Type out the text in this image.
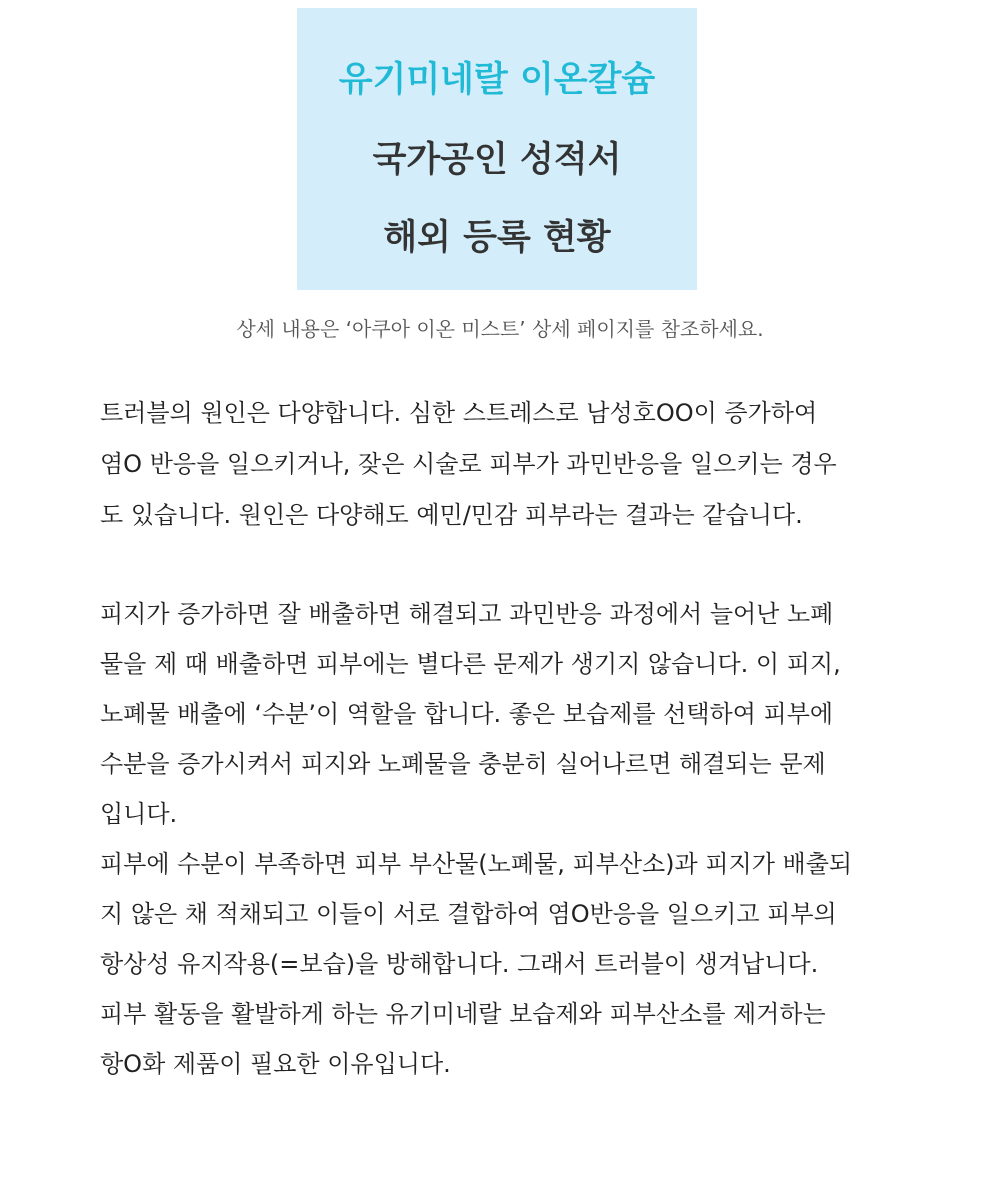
유기미네랄 이온칼슘
국가공인 성적서
해외 등록 현황
상세 내용은 ‘아쿠아 이온 미스트’ 상세 페이지를 참조하세요.
트러블의 원인은 다양합니다. 심한 스트레스로 남성호OO이 증가하여
염O 반응을 일으키거나, 잦은 시술로 피부가 과민반응을 일으키는 경우
도 있습니다. 원인은 다양해도 예민/민감 피부라는 결과는 같습니다.
피지가 증가하면 잘 배출하면 해결되고 과민반응 과정에서 늘어난 노폐
물을 제 때 배출하면 피부에는 별다른 문제가 생기지 않습니다. 이 피지,
노폐물 배출에 ‘수분’이 역할을 합니다. 좋은 보습제를 선택하여 피부에
수분을 증가시켜서 피지와 노폐물을 충분히 실어나르면 해결되는 문제
입니다.
피부에 수분이 부족하면 피부 부산물(노폐물, 피부산소)과 피지가 배출되
지 않은 채 적채되고 이들이 서로 결합하여 염O반응을 일으키고 피부의
항상성 유지작용(=보습)을 방해합니다. 그래서 트러블이 생겨납니다.
피부 활동을 활발하게 하는 유기미네랄 보습제와 피부산소를 제거하는
항O화 제품이 필요한 이유입니다.
